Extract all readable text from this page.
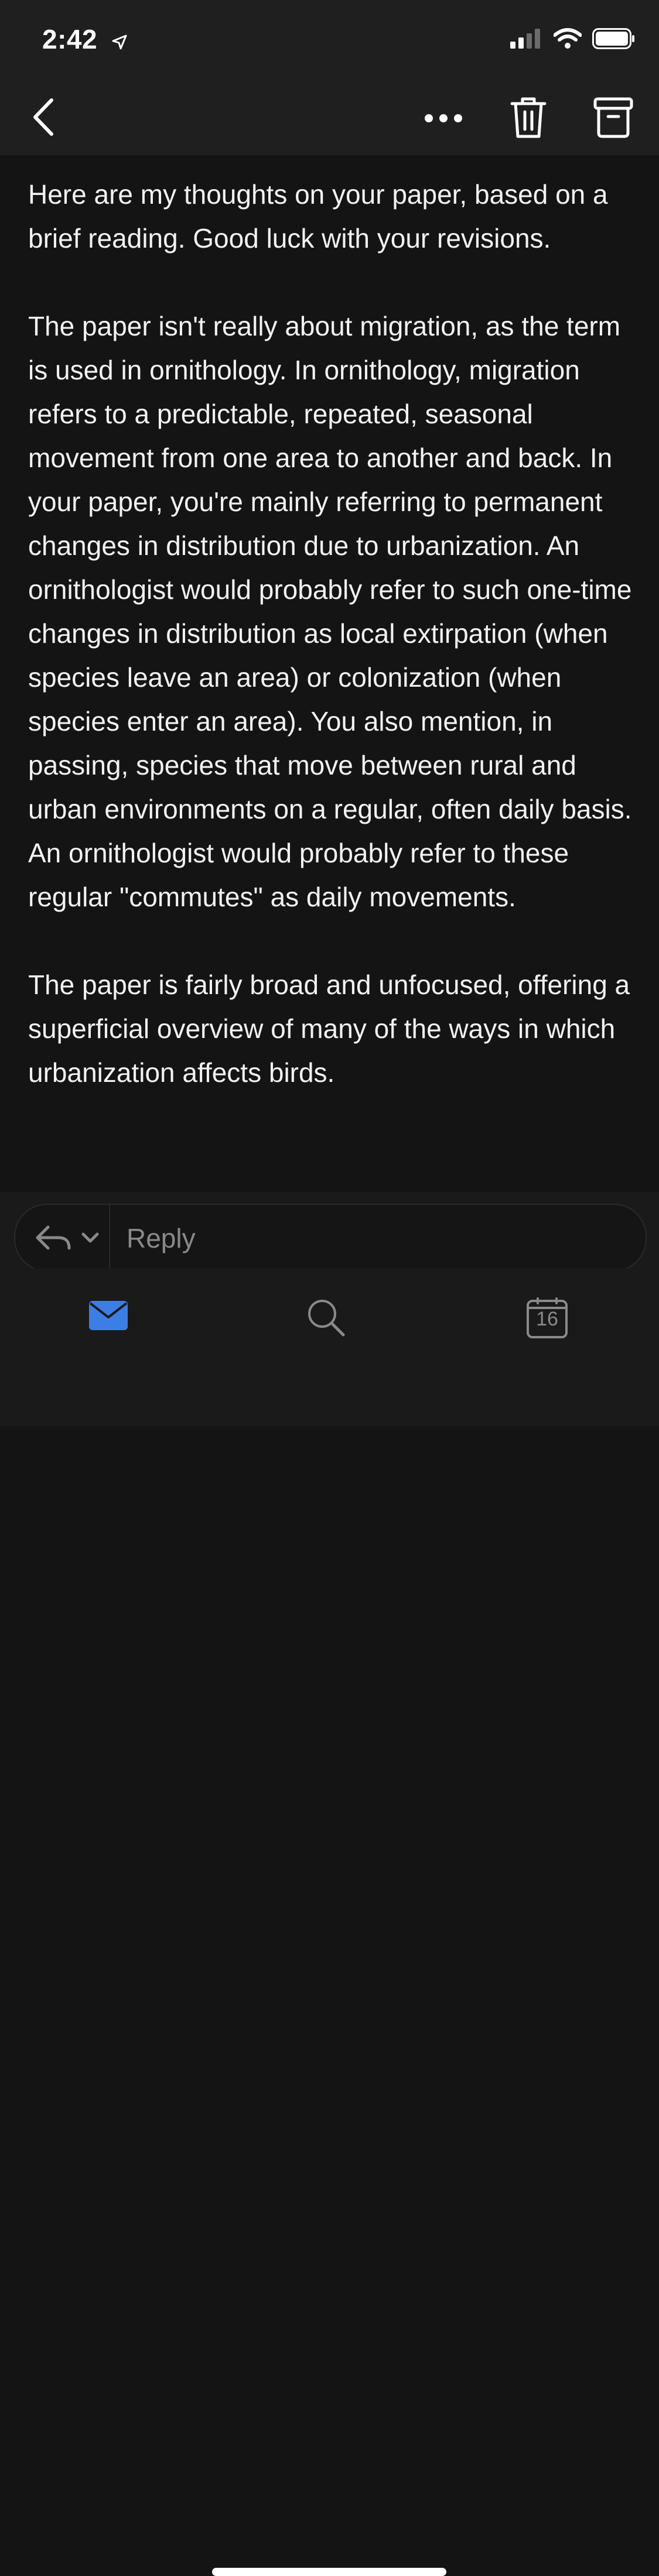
2:42

Here are my thoughts on your paper, based on a brief reading. Good luck with your revisions.

The paper isn't really about migration, as the term is used in ornithology. In ornithology, migration refers to a predictable, repeated, seasonal movement from one area to another and back. In your paper, you're mainly referring to permanent changes in distribution due to urbanization. An ornithologist would probably refer to such one-time changes in distribution as local extirpation (when species leave an area) or colonization (when species enter an area). You also mention, in passing, species that move between rural and urban environments on a regular, often daily basis. An ornithologist would probably refer to these regular "commutes" as daily movements.

The paper is fairly broad and unfocused, offering a superficial overview of many of the ways in which urbanization affects birds.

Reply
16
